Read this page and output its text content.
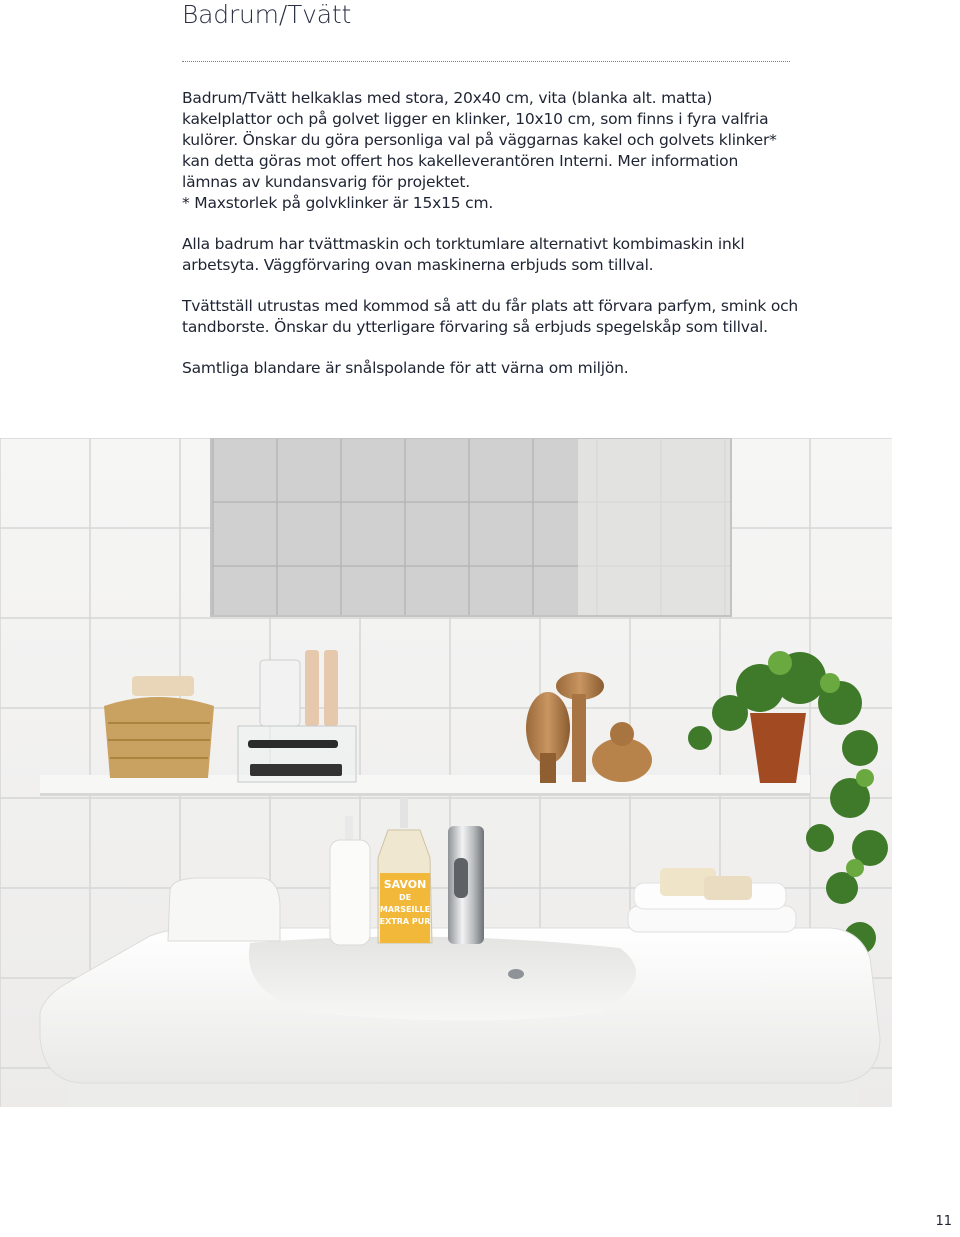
Badrum/Tvätt

Badrum/Tvätt helkaklas med stora, 20x40 cm, vita (blanka alt. matta)
kakelplattor och på golvet ligger en klinker, 10x10 cm, som finns i fyra valfria
kulörer. Önskar du göra personliga val på väggarnas kakel och golvets klinker*
kan detta göras mot offert hos kakelleverantören Interni. Mer information
lämnas av kundansvarig för projektet.
* Maxstorlek på golvklinker är 15x15 cm.

Alla badrum har tvättmaskin och torktumlare alternativt kombimaskin inkl
arbetsyta. Väggförvaring ovan maskinerna erbjuds som tillval.

Tvättställ utrustas med kommod så att du får plats att förvara parfym, smink och
tandborste. Önskar du ytterligare förvaring så erbjuds spegelskåp som tillval.

Samtliga blandare är snålspolande för att värna om miljön.

SAVON
DE
MARSEILLE
EXTRA PUR
11
